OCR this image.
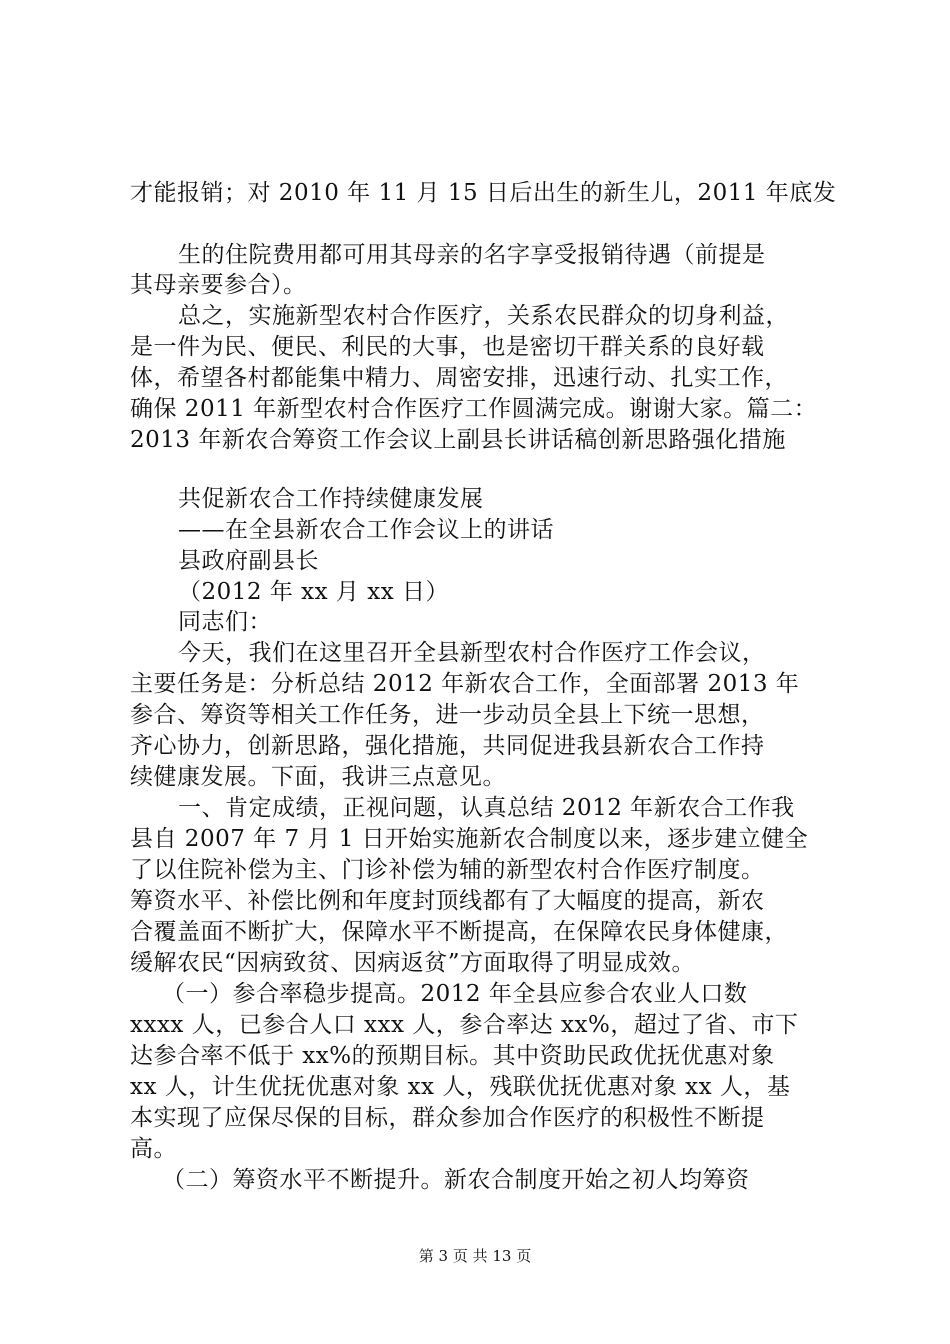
才能报销；对 2010 年 11 月 15 日后出生的新生儿，2011 年底发
生的住院费用都可用其母亲的名字享受报销待遇（前提是
其母亲要参合）。
总之，实施新型农村合作医疗，关系农民群众的切身利益，
是一件为民、便民、利民的大事，也是密切干群关系的良好载
体，希望各村都能集中精力、周密安排，迅速行动、扎实工作，
确保 2011 年新型农村合作医疗工作圆满完成。谢谢大家。篇二：
2013 年新农合筹资工作会议上副县长讲话稿创新思路强化措施
共促新农合工作持续健康发展
——在全县新农合工作会议上的讲话
县政府副县长
（2012 年 xx 月 xx 日）
同志们：
今天，我们在这里召开全县新型农村合作医疗工作会议，
主要任务是：分析总结 2012 年新农合工作，全面部署 2013 年
参合、筹资等相关工作任务，进一步动员全县上下统一思想，
齐心协力，创新思路，强化措施，共同促进我县新农合工作持
续健康发展。下面，我讲三点意见。
一、肯定成绩，正视问题，认真总结 2012 年新农合工作我
县自 2007 年 7 月 1 日开始实施新农合制度以来，逐步建立健全
了以住院补偿为主、门诊补偿为辅的新型农村合作医疗制度。
筹资水平、补偿比例和年度封顶线都有了大幅度的提高，新农
合覆盖面不断扩大，保障水平不断提高，在保障农民身体健康，
缓解农民“因病致贫、因病返贫”方面取得了明显成效。
（一）参合率稳步提高。2012 年全县应参合农业人口数
xxxx 人，已参合人口 xxx 人，参合率达 xx%，超过了省、市下
达参合率不低于 xx%的预期目标。其中资助民政优抚优惠对象
xx 人，计生优抚优惠对象 xx 人，残联优抚优惠对象 xx 人，基
本实现了应保尽保的目标，群众参加合作医疗的积极性不断提
高。
（二）筹资水平不断提升。新农合制度开始之初人均筹资
第 3 页 共 13 页
